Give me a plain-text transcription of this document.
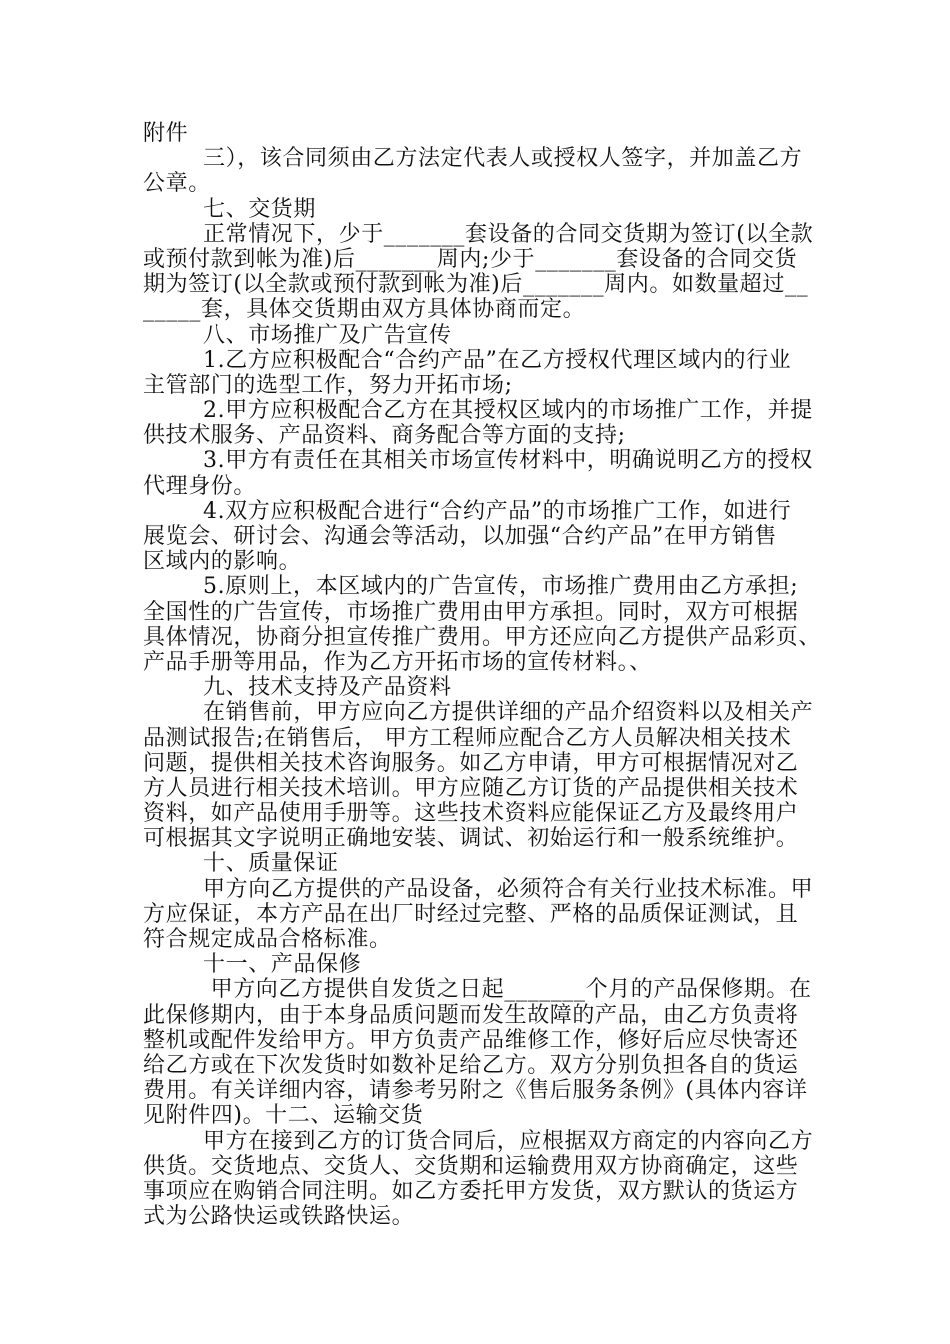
附件
三），该合同须由乙方法定代表人或授权人签字，并加盖乙方
公章。
七、交货期
正常情况下，少于_______套设备的合同交货期为签订(以全款
或预付款到帐为准)后_______周内;少于_______套设备的合同交货
期为签订(以全款或预付款到帐为准)后_______周内。如数量超过__
_____套，具体交货期由双方具体协商而定。
八、市场推广及广告宣传
1.乙方应积极配合“合约产品”在乙方授权代理区域内的行业
主管部门的选型工作，努力开拓市场;
2.甲方应积极配合乙方在其授权区域内的市场推广工作，并提
供技术服务、产品资料、商务配合等方面的支持;
3.甲方有责任在其相关市场宣传材料中，明确说明乙方的授权
代理身份。
4.双方应积极配合进行“合约产品”的市场推广工作，如进行
展览会、研讨会、沟通会等活动，以加强“合约产品”在甲方销售
区域内的影响。
5.原则上，本区域内的广告宣传，市场推广费用由乙方承担;
全国性的广告宣传，市场推广费用由甲方承担。同时，双方可根据
具体情况，协商分担宣传推广费用。甲方还应向乙方提供产品彩页、
产品手册等用品，作为乙方开拓市场的宣传材料。、
九、技术支持及产品资料
在销售前，甲方应向乙方提供详细的产品介绍资料以及相关产
品测试报告;在销售后， 甲方工程师应配合乙方人员解决相关技术
问题，提供相关技术咨询服务。如乙方申请，甲方可根据情况对乙
方人员进行相关技术培训。甲方应随乙方订货的产品提供相关技术
资料，如产品使用手册等。这些技术资料应能保证乙方及最终用户
可根据其文字说明正确地安装、调试、初始运行和一般系统维护。
十、质量保证
甲方向乙方提供的产品设备，必须符合有关行业技术标准。甲
方应保证，本方产品在出厂时经过完整、严格的品质保证测试，且
符合规定成品合格标准。
十一、产品保修
甲方向乙方提供自发货之日起_______个月的产品保修期。在
此保修期内，由于本身品质问题而发生故障的产品，由乙方负责将
整机或配件发给甲方。甲方负责产品维修工作，修好后应尽快寄还
给乙方或在下次发货时如数补足给乙方。双方分别负担各自的货运
费用。有关详细内容，请参考另附之《售后服务条例》(具体内容详
见附件四)。十二、运输交货
甲方在接到乙方的订货合同后，应根据双方商定的内容向乙方
供货。交货地点、交货人、交货期和运输费用双方协商确定，这些
事项应在购销合同注明。如乙方委托甲方发货，双方默认的货运方
式为公路快运或铁路快运。
